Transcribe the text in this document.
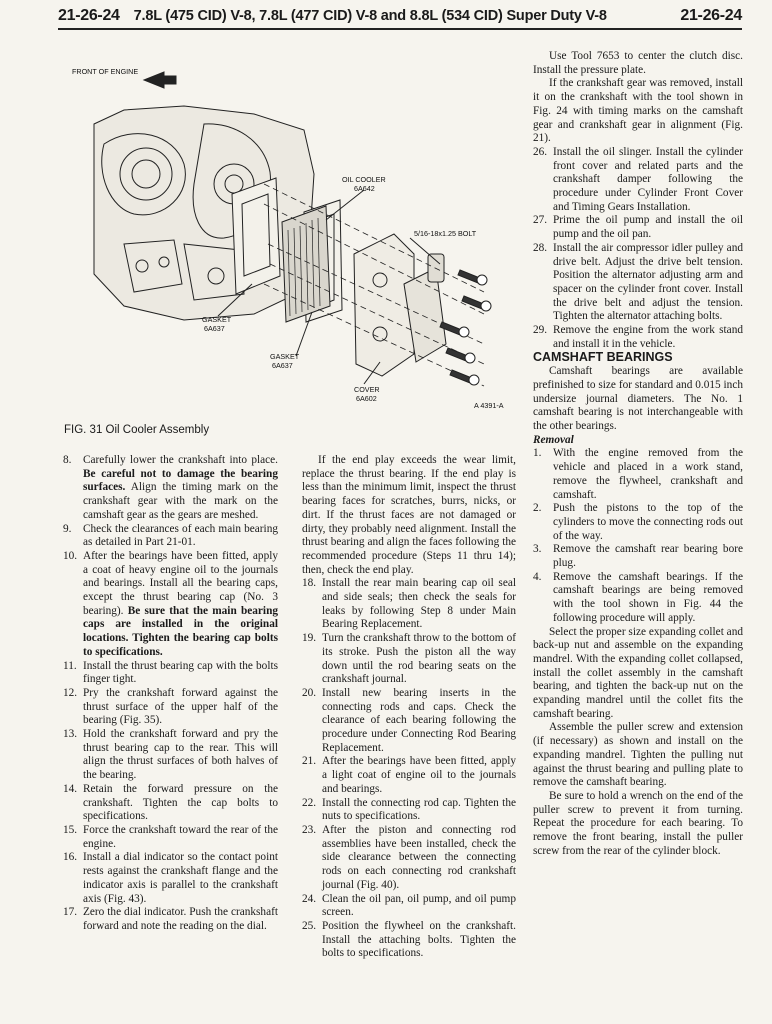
21-26-24 7.8L (475 CID) V-8, 7.8L (477 CID) V-8 and 8.8L (534 CID) Super Duty V-8	21-26-24
FRONT OF ENGINE
OIL COOLER
6A642
5/16-18x1.25 BOLT
GASKET
6A637
GASKET
6A637
COVER
6A602
A 4391-A
FIG. 31 Oil Cooler Assembly
8.	Carefully lower the crankshaft into place. Be careful not to damage the bearing surfaces. Align the timing mark on the crankshaft gear with the mark on the camshaft gear as the gears are meshed.

9.	Check the clearances of each main bearing as detailed in Part 21-01.

10. After the bearings have been fitted, apply a coat of heavy engine oil to the journals and bearings. Install all the bearing caps, except the thrust bearing cap (No. 3 bearing). Be sure that the main bearing caps are installed in the original locations. Tighten the bearing cap bolts to specifications.

11. Install the thrust bearing cap with the bolts finger tight.

12. Pry the crankshaft forward against the thrust surface of the upper half of the bearing (Fig. 35).

13. Hold the crankshaft forward and pry the thrust bearing cap to the rear. This will align the thrust surfaces of both halves of the bearing.

14. Retain the forward pressure on the crankshaft. Tighten the cap bolts to specifications.

15. Force the crankshaft toward the rear of the engine.

16. Install a dial indicator so the contact point rests against the crankshaft flange and the indicator axis is parallel to the crankshaft axis (Fig. 43).

17. Zero the dial indicator. Push the crankshaft forward and note the reading on the dial.

If the end play exceeds the wear limit, replace the thrust bearing. If the end play is less than the minimum limit, inspect the thrust bearing faces for scratches, burrs, nicks, or dirt. If the thrust faces are not damaged or dirty, they probably need alignment. Install the thrust bearing and align the faces following the recommended procedure (Steps 11 thru 14); then, check the end play.

18. Install the rear main bearing cap oil seal and side seals; then check the seals for leaks by following Step 8 under Main Bearing Replacement.

19. Turn the crankshaft throw to the bottom of its stroke. Push the piston all the way down until the rod bearing seats on the crankshaft journal.

20. Install new bearing inserts in the connecting rods and caps. Check the clearance of each bearing following the procedure under Connecting Rod Bearing Replacement.

21. After the bearings have been fitted, apply a light coat of engine oil to the journals and bearings.

22. Install the connecting rod cap. Tighten the nuts to specifications.

23. After the piston and connecting rod assemblies have been installed, check the side clearance between the connecting rods on each connecting rod crankshaft journal (Fig. 40).

24. Clean the oil pan, oil pump, and oil pump screen.

25. Position the flywheel on the crankshaft. Install the attaching bolts. Tighten the bolts to specifications.

Use Tool 7653 to center the clutch disc. Install the pressure plate.

If the crankshaft gear was removed, install it on the crankshaft with the tool shown in Fig. 24 with timing marks on the camshaft gear and crankshaft gear in alignment (Fig. 21).

26. Install the oil slinger. Install the cylinder front cover and related parts and the crankshaft damper following the procedure under Cylinder Front Cover and Timing Gears Installation.

27. Prime the oil pump and install the oil pump and the oil pan.

28. Install the air compressor idler pulley and drive belt. Adjust the drive belt tension. Position the alternator adjusting arm and spacer on the cylinder front cover. Install the drive belt and adjust the tension. Tighten the alternator attaching bolts.

29. Remove the engine from the work stand and install it in the vehicle.

CAMSHAFT BEARINGS

Camshaft bearings are available prefinished to size for standard and 0.015 inch undersize journal diameters. The No. 1 camshaft bearing is not interchangeable with the other bearings.

Removal

1.	With the engine removed from the vehicle and placed in a work stand, remove the flywheel, crankshaft and camshaft.

2.	Push the pistons to the top of the cylinders to move the connecting rods out of the way.

3.	Remove the camshaft rear bearing bore plug.

4.	Remove the camshaft bearings. If the camshaft bearings are being removed with the tool shown in Fig. 44 the following procedure will apply.

Select the proper size expanding collet and back-up nut and assemble on the expanding mandrel. With the expanding collet collapsed, install the collet assembly in the camshaft bearing, and tighten the back-up nut on the expanding mandrel until the collet fits the camshaft bearing.

Assemble the puller screw and extension (if necessary) as shown and install on the expanding mandrel. Tighten the pulling nut against the thrust bearing and pulling plate to remove the camshaft bearing.

Be sure to hold a wrench on the end of the puller screw to prevent it from turning. Repeat the procedure for each bearing. To remove the front bearing, install the puller screw from the rear of the cylinder block.
